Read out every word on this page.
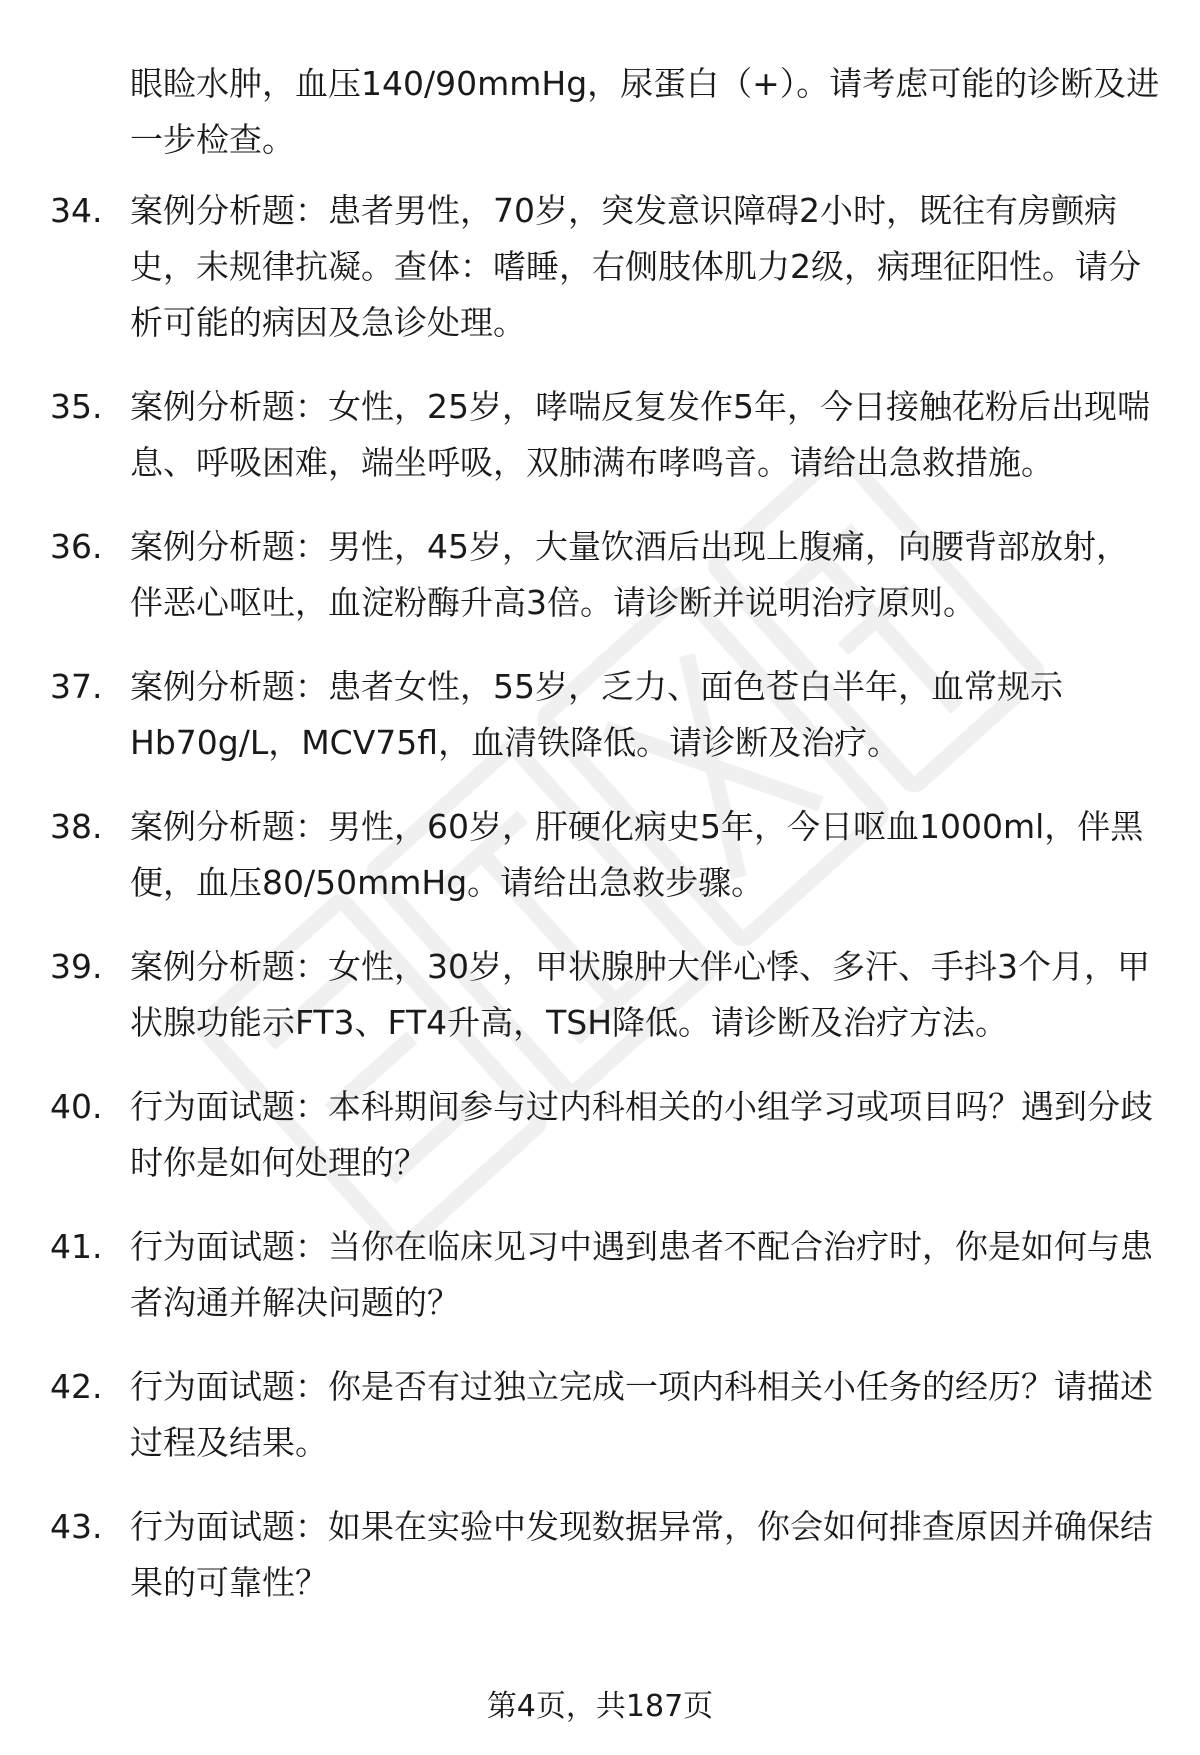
眼睑水肿，血压140/90mmHg，尿蛋白（+）。请考虑可能的诊断及进一步检查。
34. 案例分析题：患者男性，70岁，突发意识障碍2小时，既往有房颤病史，未规律抗凝。查体：嗜睡，右侧肢体肌力2级，病理征阳性。请分析可能的病因及急诊处理。
35. 案例分析题：女性，25岁，哮喘反复发作5年，今日接触花粉后出现喘息、呼吸困难，端坐呼吸，双肺满布哮鸣音。请给出急救措施。
36. 案例分析题：男性，45岁，大量饮酒后出现上腹痛，向腰背部放射，伴恶心呕吐，血淀粉酶升高3倍。请诊断并说明治疗原则。
37. 案例分析题：患者女性，55岁，乏力、面色苍白半年，血常规示Hb70g/L，MCV75fl，血清铁降低。请诊断及治疗。
38. 案例分析题：男性，60岁，肝硬化病史5年，今日呕血1000ml，伴黑便，血压80/50mmHg。请给出急救步骤。
39. 案例分析题：女性，30岁，甲状腺肿大伴心悸、多汗、手抖3个月，甲状腺功能示FT3、FT4升高，TSH降低。请诊断及治疗方法。
40. 行为面试题：本科期间参与过内科相关的小组学习或项目吗？遇到分歧时你是如何处理的？
41. 行为面试题：当你在临床见习中遇到患者不配合治疗时，你是如何与患者沟通并解决问题的？
42. 行为面试题：你是否有过独立完成一项内科相关小任务的经历？请描述过程及结果。
43. 行为面试题：如果在实验中发现数据异常，你会如何排查原因并确保结果的可靠性？
第4页，共187页
